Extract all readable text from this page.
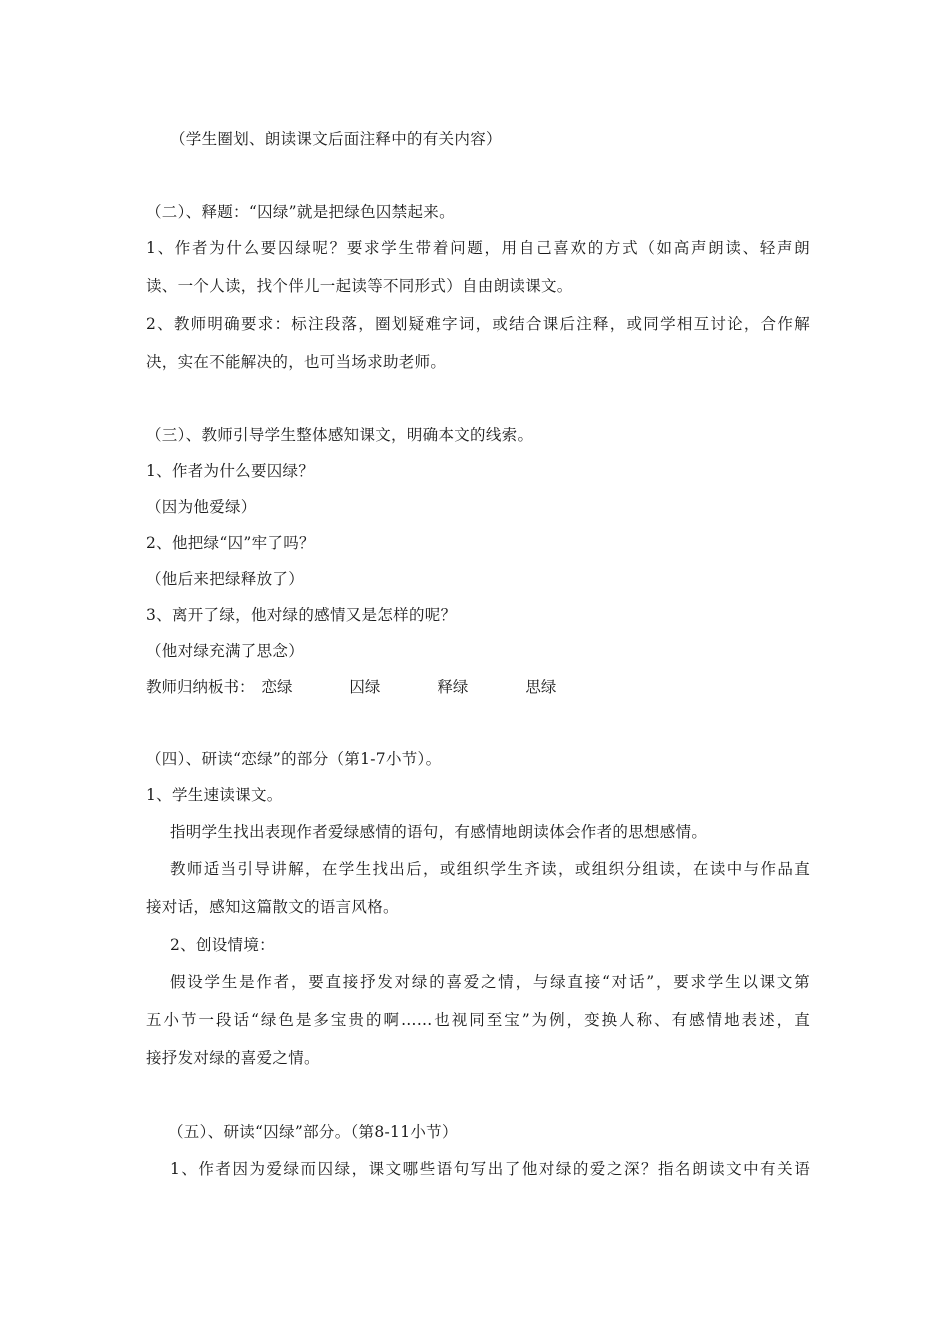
（学生圈划、朗读课文后面注释中的有关内容）
（二）、释题：“囚绿”就是把绿色囚禁起来。
1、作者为什么要囚绿呢？要求学生带着问题，用自己喜欢的方式（如高声朗读、轻声朗
读、一个人读，找个伴儿一起读等不同形式）自由朗读课文。
2、教师明确要求：标注段落，圈划疑难字词，或结合课后注释，或同学相互讨论，合作解
决，实在不能解决的，也可当场求助老师。
（三）、教师引导学生整体感知课文，明确本文的线索。
1、作者为什么要囚绿？
（因为他爱绿）
2、他把绿“囚”牢了吗？
（他后来把绿释放了）
3、离开了绿，他对绿的感情又是怎样的呢？
（他对绿充满了思念）
教师归纳板书： 恋绿	囚绿	释绿	思绿
（四）、研读“恋绿”的部分（第1-7小节）。
1、学生速读课文。
指明学生找出表现作者爱绿感情的语句，有感情地朗读体会作者的思想感情。
教师适当引导讲解，在学生找出后，或组织学生齐读，或组织分组读，在读中与作品直
接对话，感知这篇散文的语言风格。
2、创设情境：
假设学生是作者，要直接抒发对绿的喜爱之情，与绿直接“对话”，要求学生以课文第
五小节一段话“绿色是多宝贵的啊……也视同至宝”为例，变换人称、有感情地表述，直
接抒发对绿的喜爱之情。
（五）、研读“囚绿”部分。（第8-11小节）
1、作者因为爱绿而囚绿，课文哪些语句写出了他对绿的爱之深？指名朗读文中有关语
